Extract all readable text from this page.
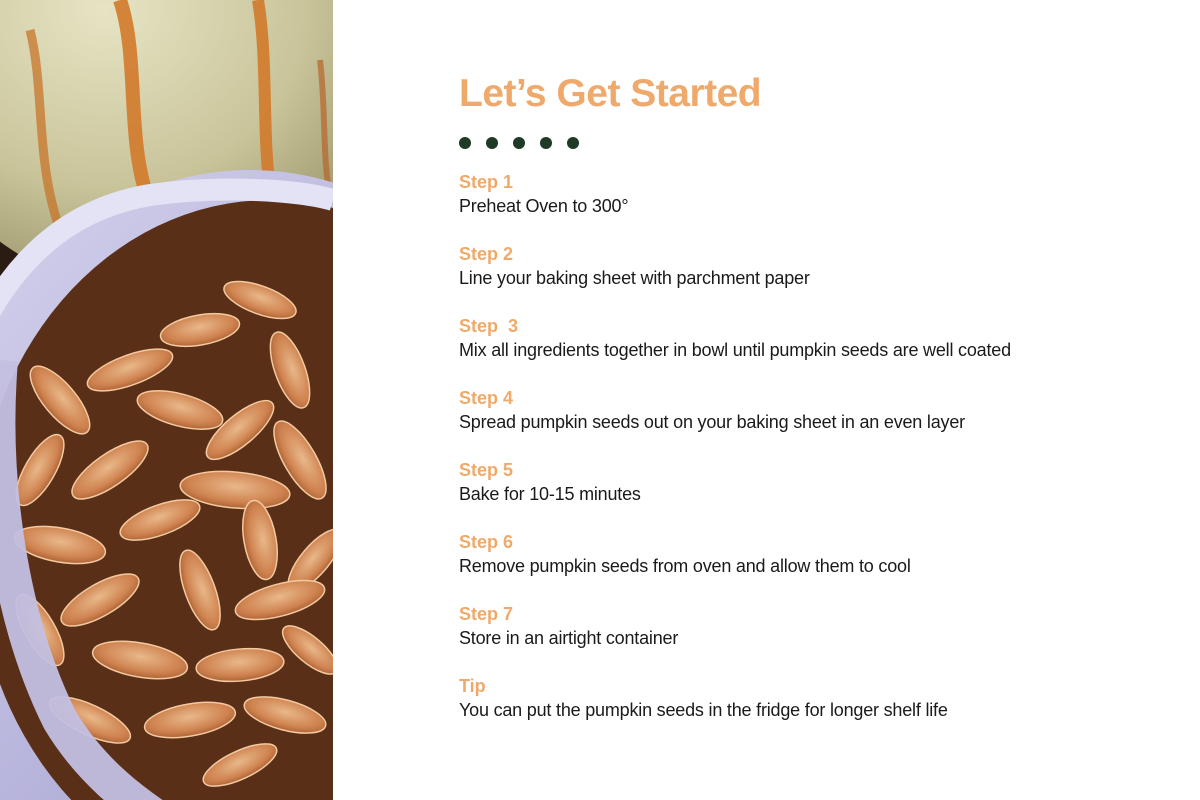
Let’s Get Started
Step 1
Preheat Oven to 300°
Step 2
Line your baking sheet with parchment paper
Step  3
Mix all ingredients together in bowl until pumpkin seeds are well coated
Step 4
Spread pumpkin seeds out on your baking sheet in an even layer
Step 5
Bake for 10-15 minutes
Step 6
Remove pumpkin seeds from oven and allow them to cool
Step 7
Store in an airtight container
Tip
You can put the pumpkin seeds in the fridge for longer shelf life
